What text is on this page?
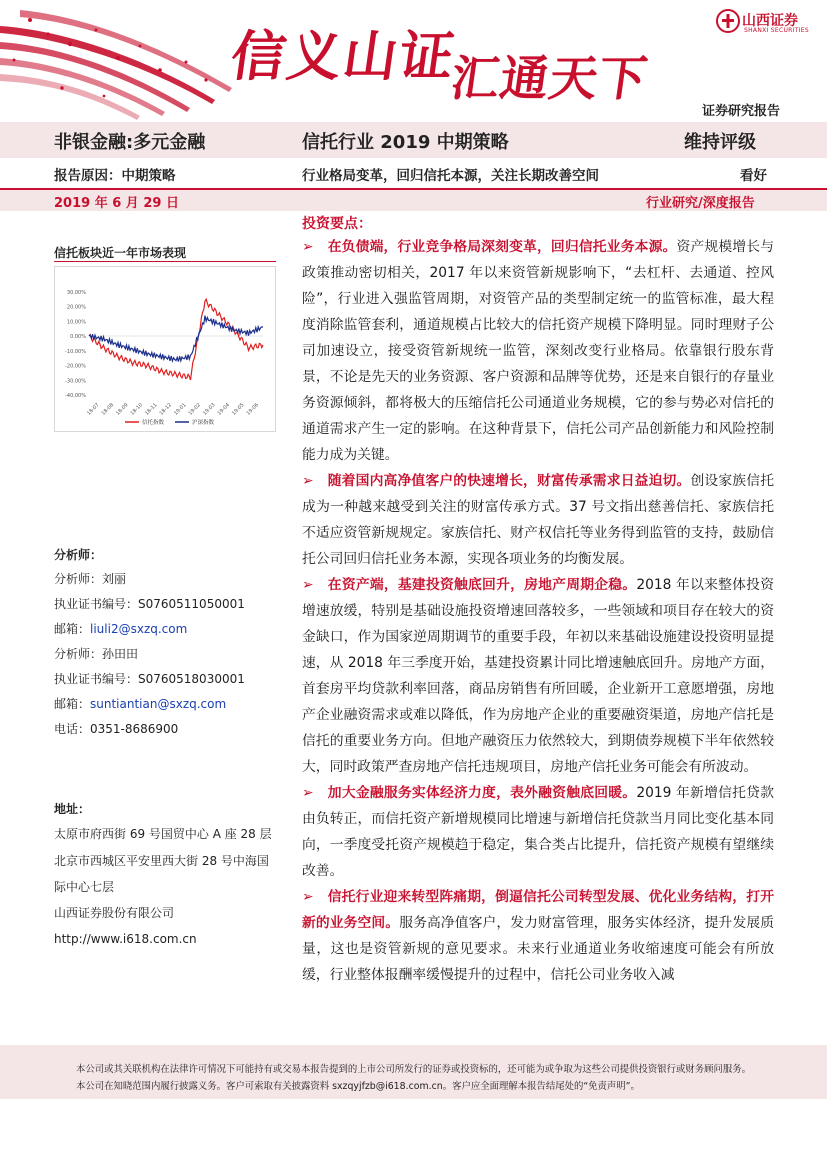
信义山证
汇通天下
山西证券
SHANXI SECURITIES
证券研究报告
非银金融:多元金融	信托行业 2019 中期策略	维持评级
报告原因：中期策略	行业格局变革，回归信托本源，关注长期改善空间	看好
2019 年 6 月 29 日	行业研究/深度报告
信托板块近一年市场表现
30.00%
20.00%
10.00%
0.00%
-10.00%
-20.00%
-30.00%
-40.00%
18-07 18-08 18-09 18-10 18-11 18-12 19-01 19-02 19-03 19-04 19-05 19-06
信托指数	沪深指数
分析师：
分析师：刘丽
执业证书编号：S0760511050001
邮箱：liuli2@sxzq.com
分析师：孙田田
执业证书编号：S0760518030001
邮箱：suntiantian@sxzq.com
电话：0351-8686900
地址：
太原市府西街 69 号国贸中心 A 座 28 层
北京市西城区平安里西大街 28 号中海国
际中心七层
山西证券股份有限公司
http://www.i618.com.cn
投资要点：

➢ 在负债端，行业竞争格局深刻变革，回归信托业务本源。资产规模增长与政策推动密切相关，2017 年以来资管新规影响下，“去杠杆、去通道、控风险”，行业进入强监管周期，对资管产品的类型制定统一的监管标准，最大程度消除监管套利，通道规模占比较大的信托资产规模下降明显。同时理财子公司加速设立，接受资管新规统一监管，深刻改变行业格局。依靠银行股东背景，不论是先天的业务资源、客户资源和品牌等优势，还是来自银行的存量业务资源倾斜，都将极大的压缩信托公司通道业务规模，它的参与势必对信托的通道需求产生一定的影响。在这种背景下，信托公司产品创新能力和风险控制能力成为关键。

➢ 随着国内高净值客户的快速增长，财富传承需求日益迫切。创设家族信托成为一种越来越受到关注的财富传承方式。37 号文指出慈善信托、家族信托不适应资管新规规定。家族信托、财产权信托等业务得到监管的支持，鼓励信托公司回归信托业务本源，实现各项业务的均衡发展。

➢ 在资产端，基建投资触底回升，房地产周期企稳。2018 年以来整体投资增速放缓，特别是基础设施投资增速回落较多，一些领域和项目存在较大的资金缺口，作为国家逆周期调节的重要手段，年初以来基础设施建设投资明显提速，从 2018 年三季度开始，基建投资累计同比增速触底回升。房地产方面，首套房平均贷款利率回落，商品房销售有所回暖，企业新开工意愿增强，房地产企业融资需求或难以降低，作为房地产企业的重要融资渠道，房地产信托是信托的重要业务方向。但地产融资压力依然较大，到期债券规模下半年依然较大，同时政策严查房地产信托违规项目，房地产信托业务可能会有所波动。

➢ 加大金融服务实体经济力度，表外融资触底回暖。2019 年新增信托贷款由负转正，而信托资产新增规模同比增速与新增信托贷款当月同比变化基本同向，一季度受托资产规模趋于稳定，集合类占比提升，信托资产规模有望继续改善。

➢ 信托行业迎来转型阵痛期，倒逼信托公司转型发展、优化业务结构，打开新的业务空间。服务高净值客户，发力财富管理，服务实体经济，提升发展质量，这也是资管新规的意见要求。未来行业通道业务收缩速度可能会有所放缓，行业整体报酬率缓慢提升的过程中，信托公司业务收入减

本公司或其关联机构在法律许可情况下可能持有或交易本报告提到的上市公司所发行的证券或投资标的，还可能为或争取为这些公司提供投资银行或财务顾问服务。本公司在知晓范围内履行披露义务。客户可索取有关披露资料 sxzqyjfzb@i618.com.cn。客户应全面理解本报告结尾处的“免责声明”。
